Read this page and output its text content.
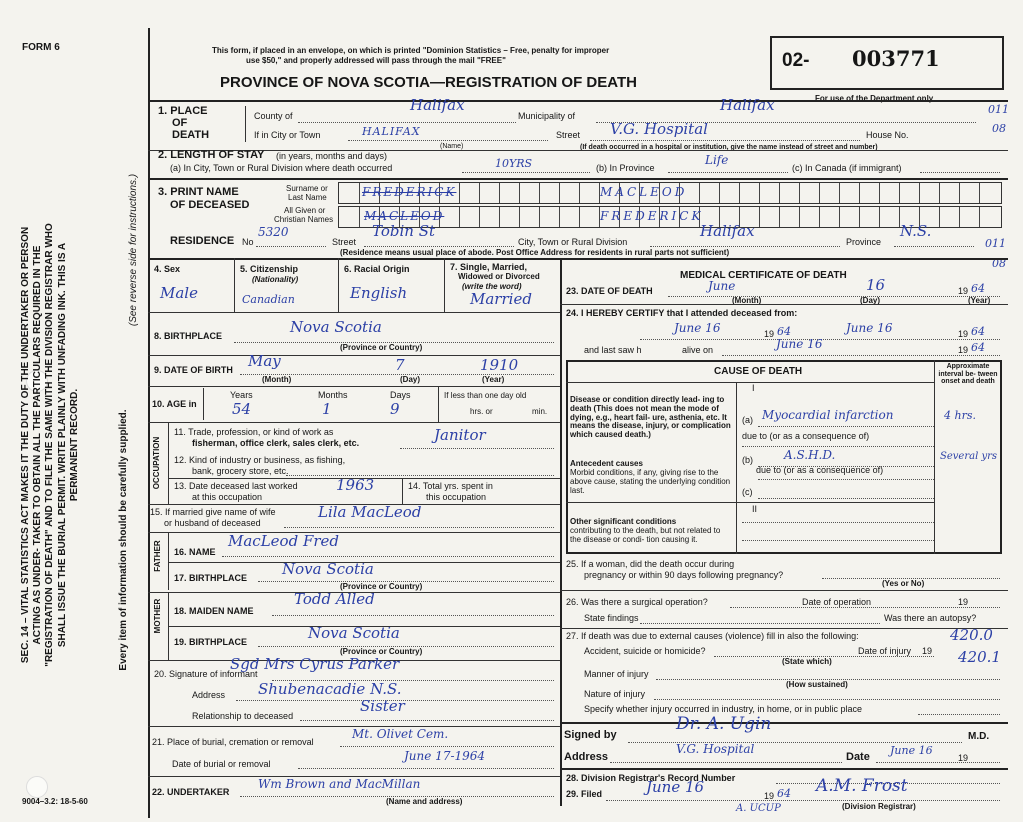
FORM 6	This form, if placed in an envelope, on which is printed "Dominion Statistics – Free, penalty for improper
use $50," and properly addressed will pass through the mail "FREE"
PROVINCE OF NOVA SCOTIA—REGISTRATION OF DEATH
02- 003771
For use of the Department only
011
08
011
08
SEC. 14 – VITAL STATISTICS ACT MAKES IT THE DUTY OF THE UNDERTAKER OR PERSON ACTING AS UNDER- TAKER TO OBTAIN ALL THE PARTICULARS REQUIRED IN THE "REGISTRATION OF DEATH" AND TO FILE THE SAME WITH THE DIVISION REGISTRAR WHO SHALL ISSUE THE BURIAL PERMIT. WRITE PLAINLY WITH UNFADING INK. THIS IS A PERMANENT RECORD.	Every item of information should be carefully supplied.
(See reverse side for instructions.)
9004–3.2: 18-5-60
1. PLACE
OF
DEATH
County of
Halifax
Municipality of
Halifax
If in City or Town	HALIFAX
(Name)
Street V.G. Hospital	House No.
(If death occurred in a hospital or institution, give the name instead of street and number)
2. LENGTH OF STAY (in years, months and days)
(a) In City, Town or Rural Division where death occurred	10YRS	(b) In Province
Life
(c) In Canada (if immigrant)
3. PRINT NAME
OF DECEASED
Surname or
Last Name
All Given or
Christian Names
FREDERICK	MACLEOD
MACLEOD	FREDERICK
RESIDENCE No
5320
Street
Tobin St
City, Town or Rural Division
Halifax
Province
N.S.
(Residence means usual place of abode. Post Office Address for residents in rural parts not sufficient)
4. Sex	5. Citizenship
(Nationality)
6. Racial Origin	7. Single, Married,
Widowed or Divorced
(write the word)
Male	Canadian	English	Married
8. BIRTHPLACE	Nova Scotia
(Province or Country)
9. DATE OF BIRTH May	7	1910
(Month)	(Day)	(Year)
10. AGE in
Years	Months	Days
54	1	9
If less than one day old
hrs. or	min.
OCCUPATION
11. Trade, profession, or kind of work as
fisherman, office clerk, sales clerk, etc.	Janitor
12. Kind of industry or business, as fishing,
bank, grocery store, etc.
13. Date deceased last worked
at this occupation
1963	14. Total yrs. spent in
this occupation
15. If married give name of wife
or husband of deceased
Lila MacLeod
FATHER 16. NAME
MacLeod Fred
17. BIRTHPLACE Nova Scotia
(Province or Country)
MOTHER 18. MAIDEN NAME
Todd Alled
19. BIRTHPLACE	Nova Scotia
(Province or Country)
20. Signature of informant
Sgd Mrs Cyrus Parker
Address Shubenacadie N.S.
Relationship to deceased
Sister
21. Place of burial, cremation or removal
Mt. Olivet Cem.
Date of burial or removal
June 17-1964
22. UNDERTAKER
Wm Brown and MacMillan
(Name and address)
MEDICAL CERTIFICATE OF DEATH
23. DATE OF DEATH	June	16	19 64
(Month)	(Day)	(Year)
24. I HEREBY CERTIFY that I attended deceased from:
June 16	19 64	June 16	19 64
and last saw h	alive on	June 16	19 64
CAUSE OF DEATH	Approximate interval be- tween onset and death
I
Disease or condition directly lead- ing to death (This does not mean the mode of dying, e.g., heart fail- ure, asthenia, etc. It means the disease, injury, or complication which caused death.)
(a) Myocardial infarction	4 hrs.
due to (or as a consequence of)
Antecedent causes
Morbid conditions, if any, giving rise to the above cause, stating the underlying condition last.
(b)	A.S.H.D.	Several yrs
due to (or as a consequence of)
(c)
II
Other significant conditions
contributing to the death, but not related to the disease or condi- tion causing it.
25. If a woman, did the death occur during
pregnancy or within 90 days following pregnancy?
(Yes or No)
26. Was there a surgical operation?	Date of operation	19
State findings	Was there an autopsy?
27. If death was due to external causes (violence) fill in also the following:	420.0
Accident, suicide or homicide?	Date of injury 19
(State which)	420.1
Manner of injury
(How sustained)
Nature of injury
Specify whether injury occurred in industry, in home, or in public place
Signed by
Dr. A. Ugin
M.D.
Address
V.G. Hospital
Date June 16
19
28. Division Registrar's Record Number
29. Filed	June 16	19 64 A.M. Frost
A. UCUP	(Division Registrar)
